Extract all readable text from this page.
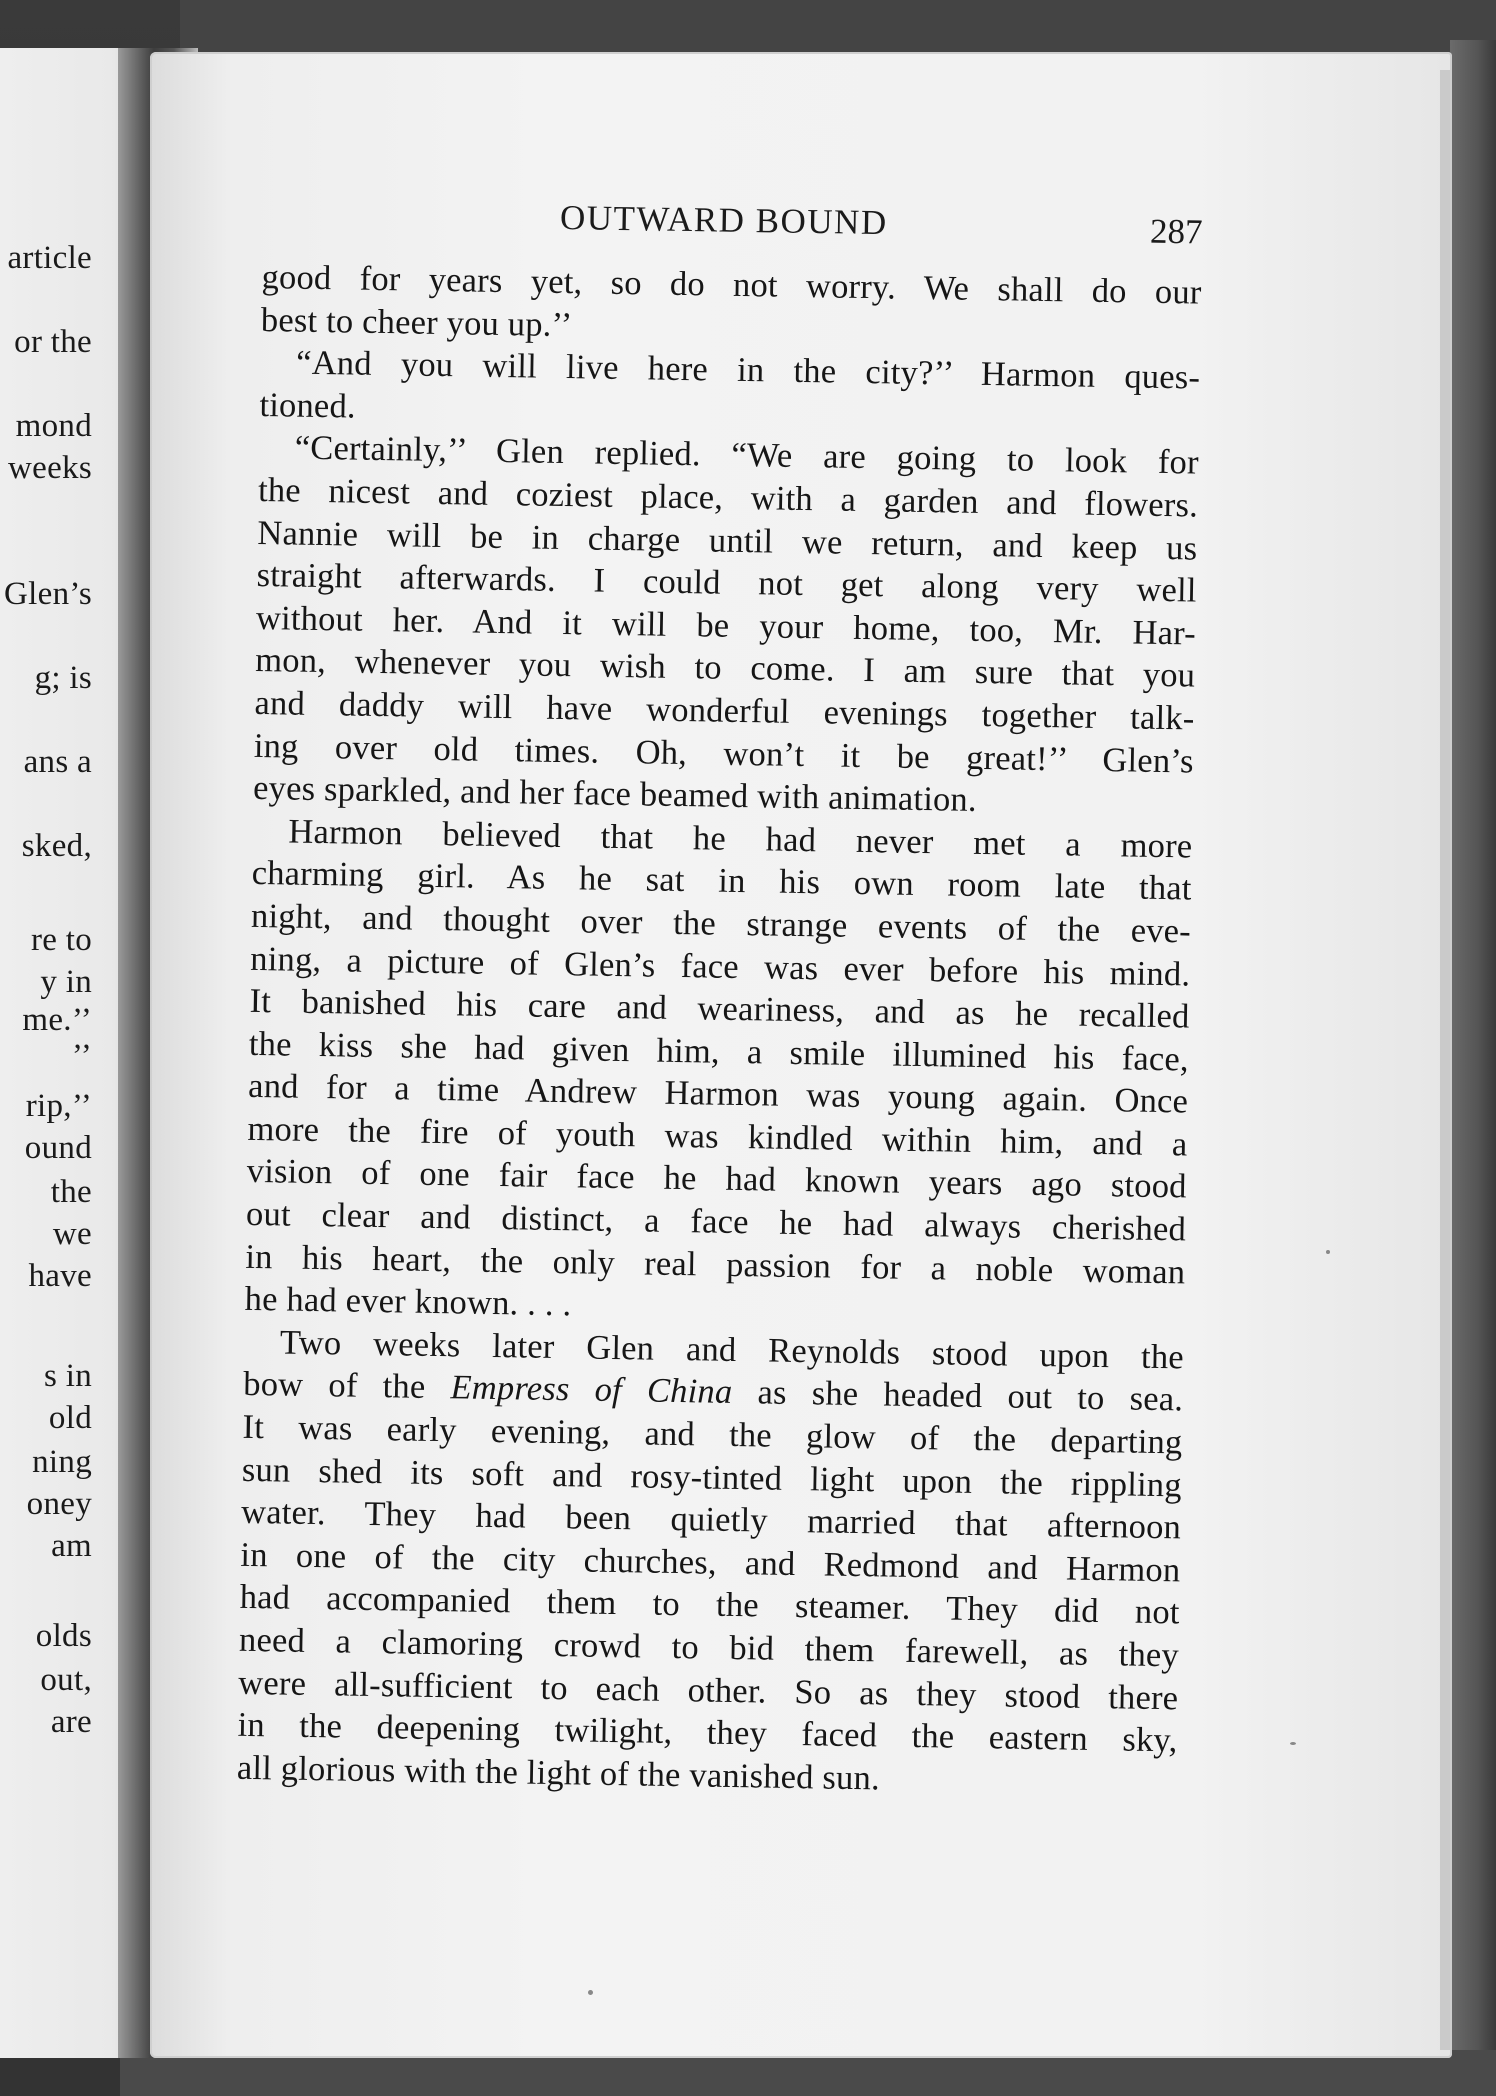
article
or the
mond
weeks
Glen’s
g; is
ans a
sked,
re to
y in
me.’’
’’
rip,’’
ound
the
we
have
s in
old
ning
oney
am
olds
out,
are
OUTWARD BOUND	287
good for years yet, so do not worry. We shall do our
best to cheer you up.’’
“And you will live here in the city?’’ Harmon ques-
tioned.
“Certainly,’’ Glen replied. “We are going to look for
the nicest and coziest place, with a garden and flowers.
Nannie will be in charge until we return, and keep us
straight afterwards. I could not get along very well
without her. And it will be your home, too, Mr. Har-
mon, whenever you wish to come. I am sure that you
and daddy will have wonderful evenings together talk-
ing over old times. Oh, won’t it be great!’’ Glen’s
eyes sparkled, and her face beamed with animation.
Harmon believed that he had never met a more
charming girl. As he sat in his own room late that
night, and thought over the strange events of the eve-
ning, a picture of Glen’s face was ever before his mind.
It banished his care and weariness, and as he recalled
the kiss she had given him, a smile illumined his face,
and for a time Andrew Harmon was young again. Once
more the fire of youth was kindled within him, and a
vision of one fair face he had known years ago stood
out clear and distinct, a face he had always cherished
in his heart, the only real passion for a noble woman
he had ever known. . . .
Two weeks later Glen and Reynolds stood upon the
bow of the Empress of China as she headed out to sea.
It was early evening, and the glow of the departing
sun shed its soft and rosy-tinted light upon the rippling
water. They had been quietly married that afternoon
in one of the city churches, and Redmond and Harmon
had accompanied them to the steamer. They did not
need a clamoring crowd to bid them farewell, as they
were all-sufficient to each other. So as they stood there
in the deepening twilight, they faced the eastern sky,
all glorious with the light of the vanished sun.
